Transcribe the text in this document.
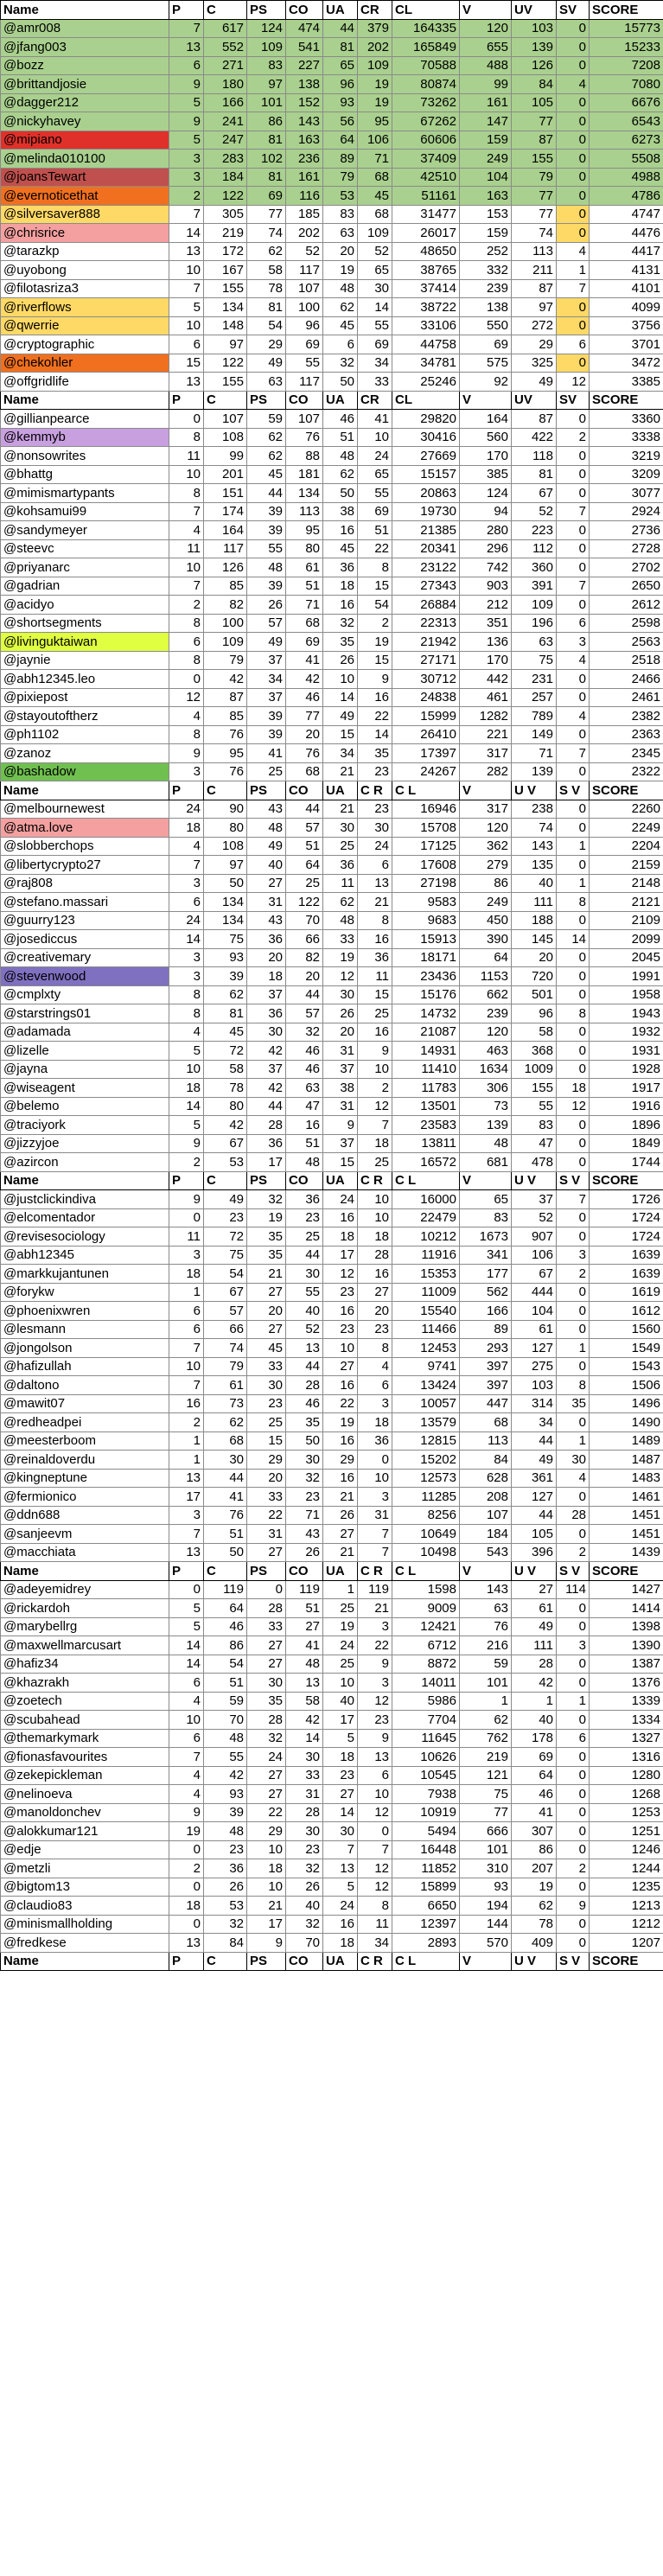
Name	P	C	PS	CO	UA	CR	CL	V	UV	SV	SCORE
@amr008	7	617	124	474	44	379	164335	120	103	0	15773
@jfang003	13	552	109	541	81	202	165849	655	139	0	15233
@bozz	6	271	83	227	65	109	70588	488	126	0	7208
@brittandjosie	9	180	97	138	96	19	80874	99	84	4	7080
@dagger212	5	166	101	152	93	19	73262	161	105	0	6676
@nickyhavey	9	241	86	143	56	95	67262	147	77	0	6543
@mipiano	5	247	81	163	64	106	60606	159	87	0	6273
@melinda010100	3	283	102	236	89	71	37409	249	155	0	5508
@joansTewart	3	184	81	161	79	68	42510	104	79	0	4988
@evernoticethat	2	122	69	116	53	45	51161	163	77	0	4786
@silversaver888	7	305	77	185	83	68	31477	153	77	0	4747
@chrisrice	14	219	74	202	63	109	26017	159	74	0	4476
@tarazkp	13	172	62	52	20	52	48650	252	113	4	4417
@uyobong	10	167	58	117	19	65	38765	332	211	1	4131
@filotasriza3	7	155	78	107	48	30	37414	239	87	7	4101
@riverflows	5	134	81	100	62	14	38722	138	97	0	4099
@qwerrie	10	148	54	96	45	55	33106	550	272	0	3756
@cryptographic	6	97	29	69	6	69	44758	69	29	6	3701
@chekohler	15	122	49	55	32	34	34781	575	325	0	3472
@offgridlife	13	155	63	117	50	33	25246	92	49	12	3385
Name	P	C	PS	CO	UA	CR	CL	V	UV	SV	SCORE
@gillianpearce	0	107	59	107	46	41	29820	164	87	0	3360
@kemmyb	8	108	62	76	51	10	30416	560	422	2	3338
@nonsowrites	11	99	62	88	48	24	27669	170	118	0	3219
@bhattg	10	201	45	181	62	65	15157	385	81	0	3209
@mimismartypants	8	151	44	134	50	55	20863	124	67	0	3077
@kohsamui99	7	174	39	113	38	69	19730	94	52	7	2924
@sandymeyer	4	164	39	95	16	51	21385	280	223	0	2736
@steevc	11	117	55	80	45	22	20341	296	112	0	2728
@priyanarc	10	126	48	61	36	8	23122	742	360	0	2702
@gadrian	7	85	39	51	18	15	27343	903	391	7	2650
@acidyo	2	82	26	71	16	54	26884	212	109	0	2612
@shortsegments	8	100	57	68	32	2	22313	351	196	6	2598
@livinguktaiwan	6	109	49	69	35	19	21942	136	63	3	2563
@jaynie	8	79	37	41	26	15	27171	170	75	4	2518
@abh12345.leo	0	42	34	42	10	9	30712	442	231	0	2466
@pixiepost	12	87	37	46	14	16	24838	461	257	0	2461
@stayoutoftherz	4	85	39	77	49	22	15999	1282	789	4	2382
@ph1102	8	76	39	20	15	14	26410	221	149	0	2363
@zanoz	9	95	41	76	34	35	17397	317	71	7	2345
@bashadow	3	76	25	68	21	23	24267	282	139	0	2322
Name	P	C	PS	CO	UA	C R	C L	V	U V	S V	SCORE
@melbournewest	24	90	43	44	21	23	16946	317	238	0	2260
@atma.love	18	80	48	57	30	30	15708	120	74	0	2249
@slobberchops	4	108	49	51	25	24	17125	362	143	1	2204
@libertycrypto27	7	97	40	64	36	6	17608	279	135	0	2159
@raj808	3	50	27	25	11	13	27198	86	40	1	2148
@stefano.massari	6	134	31	122	62	21	9583	249	111	8	2121
@guurry123	24	134	43	70	48	8	9683	450	188	0	2109
@josediccus	14	75	36	66	33	16	15913	390	145	14	2099
@creativemary	3	93	20	82	19	36	18171	64	20	0	2045
@stevenwood	3	39	18	20	12	11	23436	1153	720	0	1991
@cmplxty	8	62	37	44	30	15	15176	662	501	0	1958
@starstrings01	8	81	36	57	26	25	14732	239	96	8	1943
@adamada	4	45	30	32	20	16	21087	120	58	0	1932
@lizelle	5	72	42	46	31	9	14931	463	368	0	1931
@jayna	10	58	37	46	37	10	11410	1634	1009	0	1928
@wiseagent	18	78	42	63	38	2	11783	306	155	18	1917
@belemo	14	80	44	47	31	12	13501	73	55	12	1916
@traciyork	5	42	28	16	9	7	23583	139	83	0	1896
@jizzyjoe	9	67	36	51	37	18	13811	48	47	0	1849
@azircon	2	53	17	48	15	25	16572	681	478	0	1744
Name	P	C	PS	CO	UA	C R	C L	V	U V	S V	SCORE
@justclickindiva	9	49	32	36	24	10	16000	65	37	7	1726
@elcomentador	0	23	19	23	16	10	22479	83	52	0	1724
@revisesociology	11	72	35	25	18	18	10212	1673	907	0	1724
@abh12345	3	75	35	44	17	28	11916	341	106	3	1639
@markkujantunen	18	54	21	30	12	16	15353	177	67	2	1639
@forykw	1	67	27	55	23	27	11009	562	444	0	1619
@phoenixwren	6	57	20	40	16	20	15540	166	104	0	1612
@lesmann	6	66	27	52	23	23	11466	89	61	0	1560
@jongolson	7	74	45	13	10	8	12453	293	127	1	1549
@hafizullah	10	79	33	44	27	4	9741	397	275	0	1543
@daltono	7	61	30	28	16	6	13424	397	103	8	1506
@mawit07	16	73	23	46	22	3	10057	447	314	35	1496
@redheadpei	2	62	25	35	19	18	13579	68	34	0	1490
@meesterboom	1	68	15	50	16	36	12815	113	44	1	1489
@reinaldoverdu	1	30	29	30	29	0	15202	84	49	30	1487
@kingneptune	13	44	20	32	16	10	12573	628	361	4	1483
@fermionico	17	41	33	23	21	3	11285	208	127	0	1461
@ddn688	3	76	22	71	26	31	8256	107	44	28	1451
@sanjeevm	7	51	31	43	27	7	10649	184	105	0	1451
@macchiata	13	50	27	26	21	7	10498	543	396	2	1439
Name	P	C	PS	CO	UA	C R	C L	V	U V	S V	SCORE
@adeyemidrey	0	119	0	119	1	119	1598	143	27	114	1427
@rickardoh	5	64	28	51	25	21	9009	63	61	0	1414
@marybellrg	5	46	33	27	19	3	12421	76	49	0	1398
@maxwellmarcusart	14	86	27	41	24	22	6712	216	111	3	1390
@hafiz34	14	54	27	48	25	9	8872	59	28	0	1387
@khazrakh	6	51	30	13	10	3	14011	101	42	0	1376
@zoetech	4	59	35	58	40	12	5986	1	1	1	1339
@scubahead	10	70	28	42	17	23	7704	62	40	0	1334
@themarkymark	6	48	32	14	5	9	11645	762	178	6	1327
@fionasfavourites	7	55	24	30	18	13	10626	219	69	0	1316
@zekepickleman	4	42	27	33	23	6	10545	121	64	0	1280
@nelinoeva	4	93	27	31	27	10	7938	75	46	0	1268
@manoldonchev	9	39	22	28	14	12	10919	77	41	0	1253
@alokkumar121	19	48	29	30	30	0	5494	666	307	0	1251
@edje	0	23	10	23	7	7	16448	101	86	0	1246
@metzli	2	36	18	32	13	12	11852	310	207	2	1244
@bigtom13	0	26	10	26	5	12	15899	93	19	0	1235
@claudio83	18	53	21	40	24	8	6650	194	62	9	1213
@minismallholding	0	32	17	32	16	11	12397	144	78	0	1212
@fredkese	13	84	9	70	18	34	2893	570	409	0	1207
Name	P	C	PS	CO	UA	C R	C L	V	U V	S V	SCORE
